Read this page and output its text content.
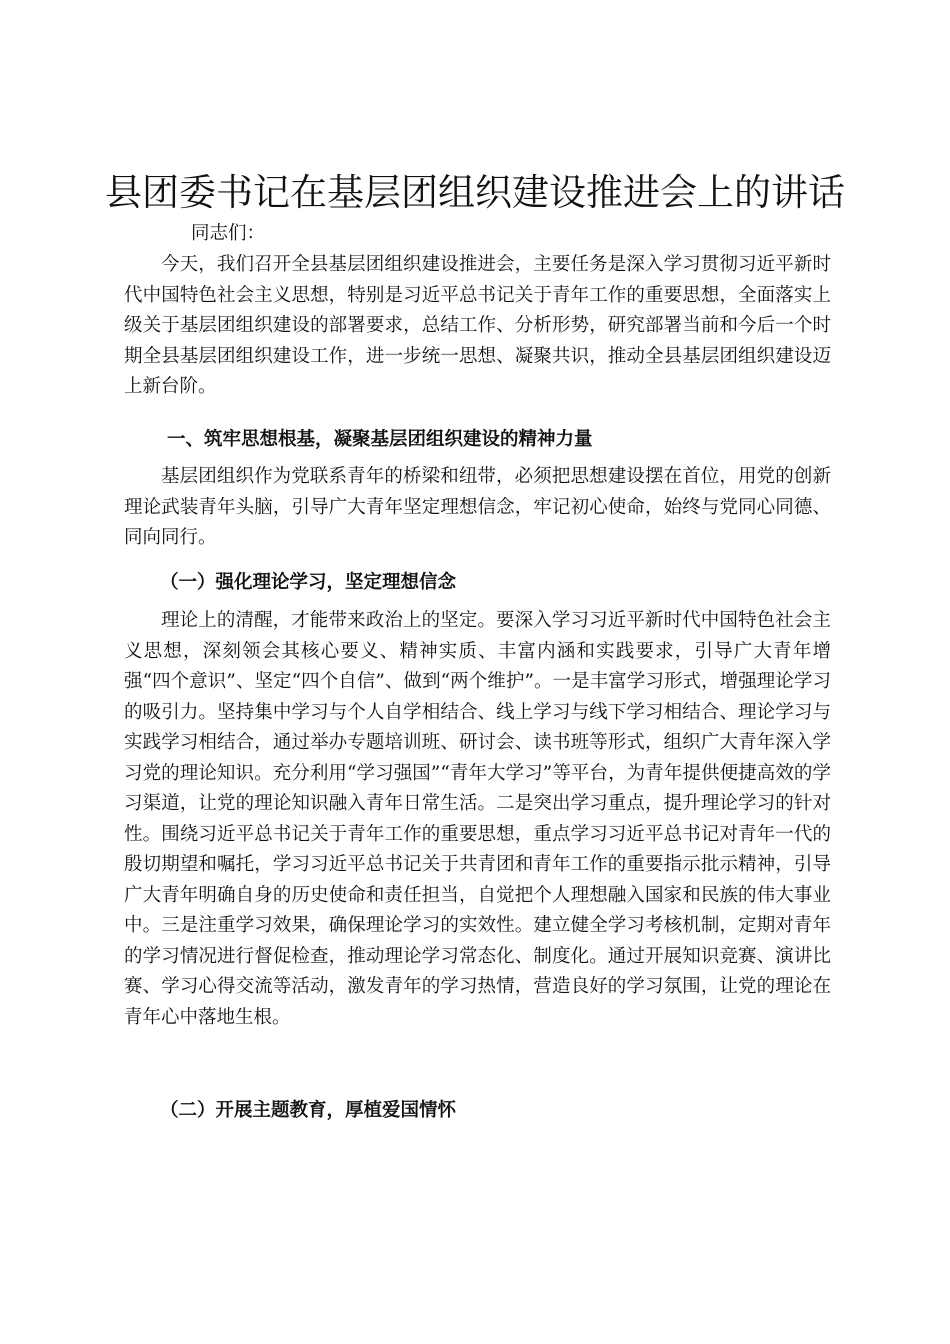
县团委书记在基层团组织建设推进会上的讲话

同志们：

今天，我们召开全县基层团组织建设推进会，主要任务是深入学习贯彻习近平新时代中国特色社会主义思想，特别是习近平总书记关于青年工作的重要思想，全面落实上级关于基层团组织建设的部署要求，总结工作、分析形势，研究部署当前和今后一个时期全县基层团组织建设工作，进一步统一思想、凝聚共识，推动全县基层团组织建设迈上新台阶。

一、筑牢思想根基，凝聚基层团组织建设的精神力量

基层团组织作为党联系青年的桥梁和纽带，必须把思想建设摆在首位，用党的创新理论武装青年头脑，引导广大青年坚定理想信念，牢记初心使命，始终与党同心同德、同向同行。

（一）强化理论学习，坚定理想信念

理论上的清醒，才能带来政治上的坚定。要深入学习习近平新时代中国特色社会主义思想，深刻领会其核心要义、精神实质、丰富内涵和实践要求，引导广大青年增强“四个意识”、坚定“四个自信”、做到“两个维护”。一是丰富学习形式，增强理论学习的吸引力。坚持集中学习与个人自学相结合、线上学习与线下学习相结合、理论学习与实践学习相结合，通过举办专题培训班、研讨会、读书班等形式，组织广大青年深入学习党的理论知识。充分利用“学习强国”“青年大学习”等平台，为青年提供便捷高效的学习渠道，让党的理论知识融入青年日常生活。二是突出学习重点，提升理论学习的针对性。围绕习近平总书记关于青年工作的重要思想，重点学习习近平总书记对青年一代的殷切期望和嘱托，学习习近平总书记关于共青团和青年工作的重要指示批示精神，引导广大青年明确自身的历史使命和责任担当，自觉把个人理想融入国家和民族的伟大事业中。三是注重学习效果，确保理论学习的实效性。建立健全学习考核机制，定期对青年的学习情况进行督促检查，推动理论学习常态化、制度化。通过开展知识竞赛、演讲比赛、学习心得交流等活动，激发青年的学习热情，营造良好的学习氛围，让党的理论在青年心中落地生根。

（二）开展主题教育，厚植爱国情怀
